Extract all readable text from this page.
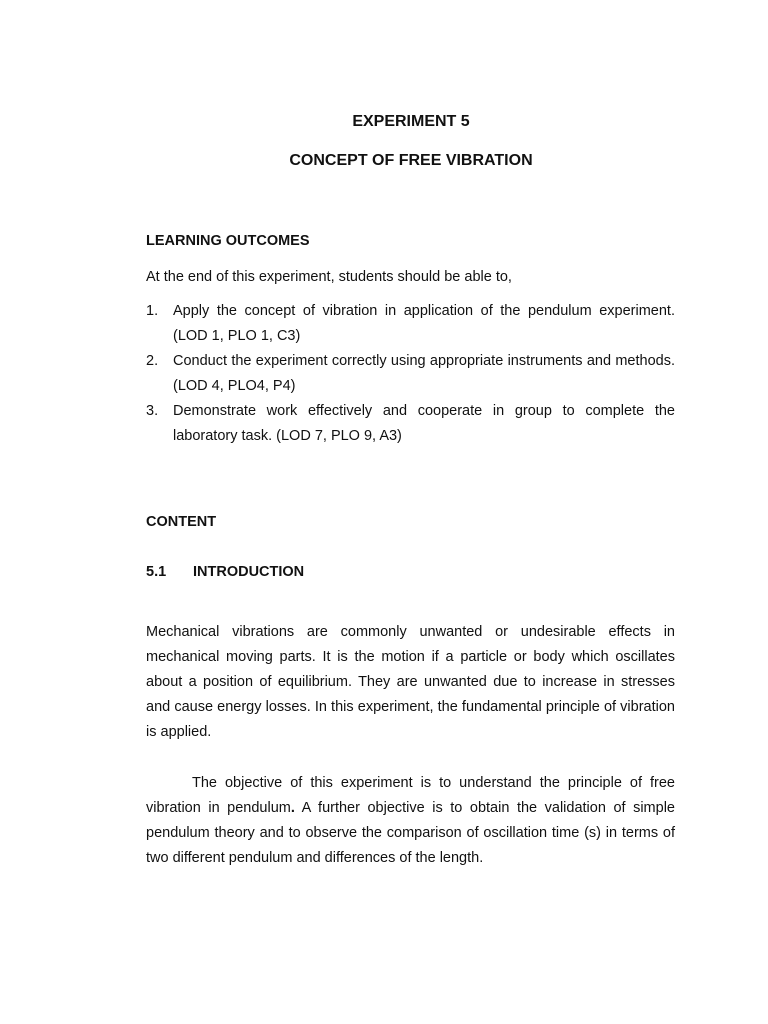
EXPERIMENT 5
CONCEPT OF FREE VIBRATION
LEARNING OUTCOMES

At the end of this experiment, students should be able to,

1.	Apply the concept of vibration in application of the pendulum experiment. (LOD 1, PLO 1, C3)
2.	Conduct the experiment correctly using appropriate instruments and methods. (LOD 4, PLO4, P4)
3.	Demonstrate work effectively and cooperate in group to complete the laboratory task. (LOD 7, PLO 9, A3)
CONTENT
5.1 INTRODUCTION

Mechanical vibrations are commonly unwanted or undesirable effects in mechanical moving parts. It is the motion if a particle or body which oscillates about a position of equilibrium. They are unwanted due to increase in stresses and cause energy losses. In this experiment, the fundamental principle of vibration is applied.

The objective of this experiment is to understand the principle of free vibration in pendulum. A further objective is to obtain the validation of simple pendulum theory and to observe the comparison of oscillation time (s) in terms of two different pendulum and differences of the length.
